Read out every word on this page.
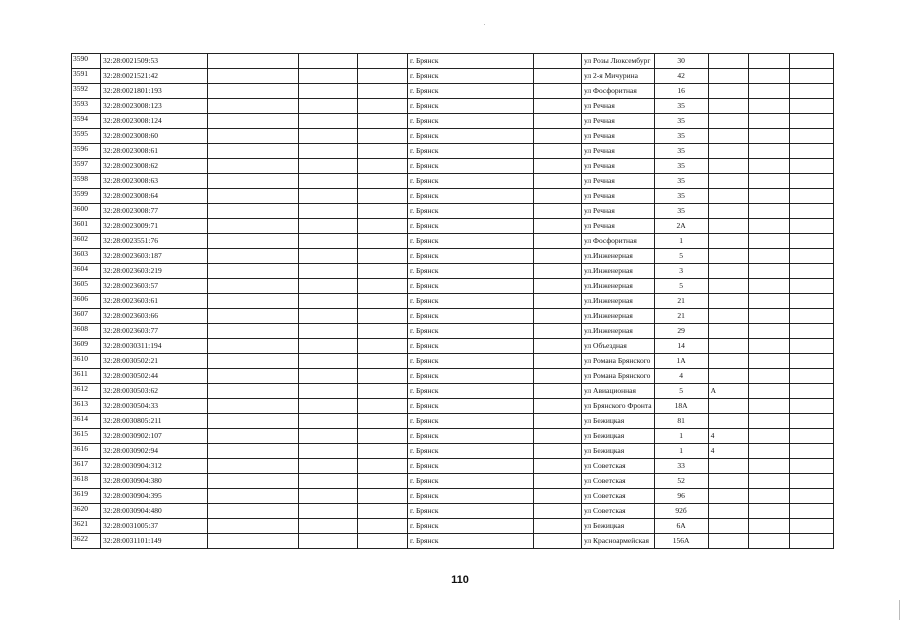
3590	32:28:0021509:53				г. Брянск		ул Розы Люксембург	30			
3591	32:28:0021521:42				г. Брянск		ул 2-я Мичурина	42			
3592	32:28:0021801:193				г. Брянск		ул Фосфоритная	16			
3593	32:28:0023008:123				г. Брянск		ул Речная	35			
3594	32:28:0023008:124				г. Брянск		ул Речная	35			
3595	32:28:0023008:60				г. Брянск		ул Речная	35			
3596	32:28:0023008:61				г. Брянск		ул Речная	35			
3597	32:28:0023008:62				г. Брянск		ул Речная	35			
3598	32:28:0023008:63				г. Брянск		ул Речная	35			
3599	32:28:0023008:64				г. Брянск		ул Речная	35			
3600	32:28:0023008:77				г. Брянск		ул Речная	35			
3601	32:28:0023009:71				г. Брянск		ул Речная	2А			
3602	32:28:0023551:76				г. Брянск		ул Фосфоритная	1			
3603	32:28:0023603:187				г. Брянск		ул.Инженерная	5			
3604	32:28:0023603:219				г. Брянск		ул.Инженерная	3			
3605	32:28:0023603:57				г. Брянск		ул.Инженерная	5			
3606	32:28:0023603:61				г. Брянск		ул.Инженерная	21			
3607	32:28:0023603:66				г. Брянск		ул.Инженерная	21			
3608	32:28:0023603:77				г. Брянск		ул.Инженерная	29			
3609	32:28:0030311:194				г. Брянск		ул Объездная	14			
3610	32:28:0030502:21				г. Брянск		ул Романа Брянского	1А			
3611	32:28:0030502:44				г. Брянск		ул Романа Брянского	4			
3612	32:28:0030503:62				г. Брянск		ул Авиационная	5	А		
3613	32:28:0030504:33				г. Брянск		ул Брянского Фронта	18А			
3614	32:28:0030805:211				г. Брянск		ул Бежицкая	81			
3615	32:28:0030902:107				г. Брянск		ул Бежицкая	1	4		
3616	32:28:0030902:94				г. Брянск		ул Бежицкая	1	4		
3617	32:28:0030904:312				г. Брянск		ул Советская	33			
3618	32:28:0030904:380				г. Брянск		ул Советская	52			
3619	32:28:0030904:395				г. Брянск		ул Советская	96			
3620	32:28:0030904:480				г. Брянск		ул Советская	92б			
3621	32:28:0031005:37				г. Брянск		ул Бежицкая	6А			
3622	32:28:0031101:149				г. Брянск		ул Красноармейская	156А			
110
